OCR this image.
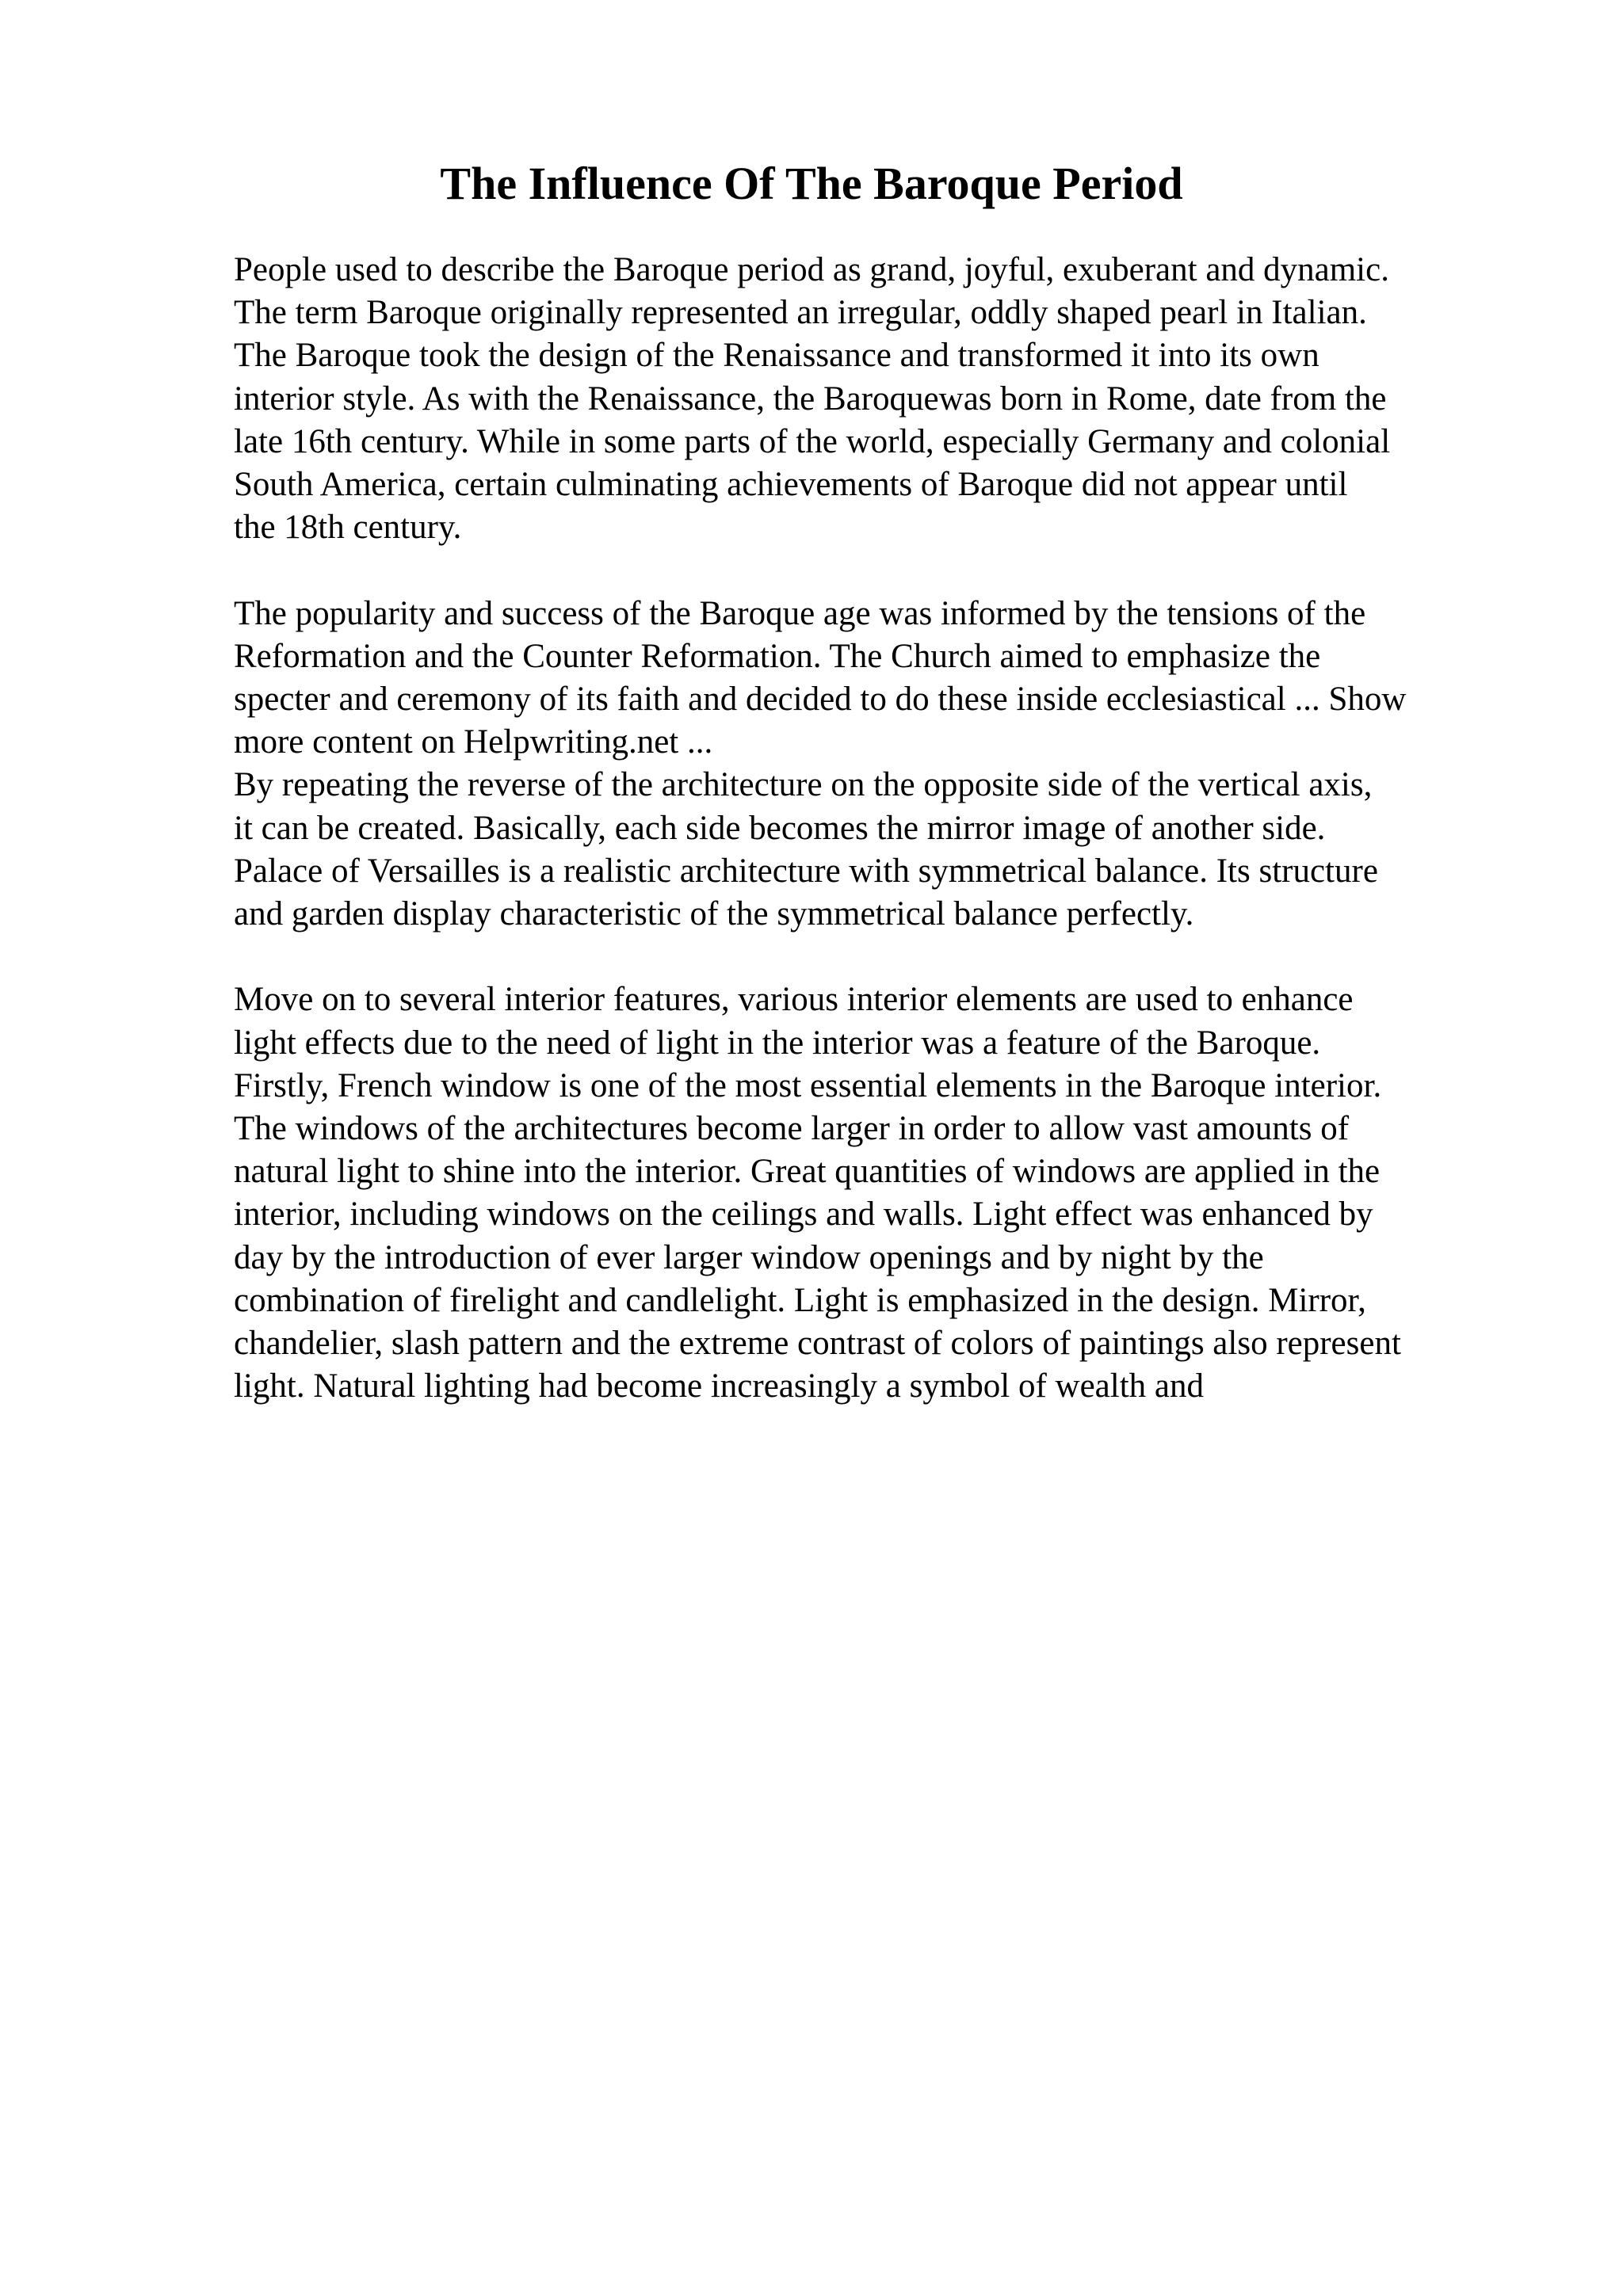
The Influence Of The Baroque Period

People used to describe the Baroque period as grand, joyful, exuberant and dynamic.
The term Baroque originally represented an irregular, oddly shaped pearl in Italian.
The Baroque took the design of the Renaissance and transformed it into its own
interior style. As with the Renaissance, the Baroquewas born in Rome, date from the
late 16th century. While in some parts of the world, especially Germany and colonial
South America, certain culminating achievements of Baroque did not appear until
the 18th century.

The popularity and success of the Baroque age was informed by the tensions of the
Reformation and the Counter Reformation. The Church aimed to emphasize the
specter and ceremony of its faith and decided to do these inside ecclesiastical ... Show
more content on Helpwriting.net ...

By repeating the reverse of the architecture on the opposite side of the vertical axis,
it can be created. Basically, each side becomes the mirror image of another side.
Palace of Versailles is a realistic architecture with symmetrical balance. Its structure
and garden display characteristic of the symmetrical balance perfectly.

Move on to several interior features, various interior elements are used to enhance
light effects due to the need of light in the interior was a feature of the Baroque.
Firstly, French window is one of the most essential elements in the Baroque interior.
The windows of the architectures become larger in order to allow vast amounts of
natural light to shine into the interior. Great quantities of windows are applied in the
interior, including windows on the ceilings and walls. Light effect was enhanced by
day by the introduction of ever larger window openings and by night by the
combination of firelight and candlelight. Light is emphasized in the design. Mirror,
chandelier, slash pattern and the extreme contrast of colors of paintings also represent
light. Natural lighting had become increasingly a symbol of wealth and
